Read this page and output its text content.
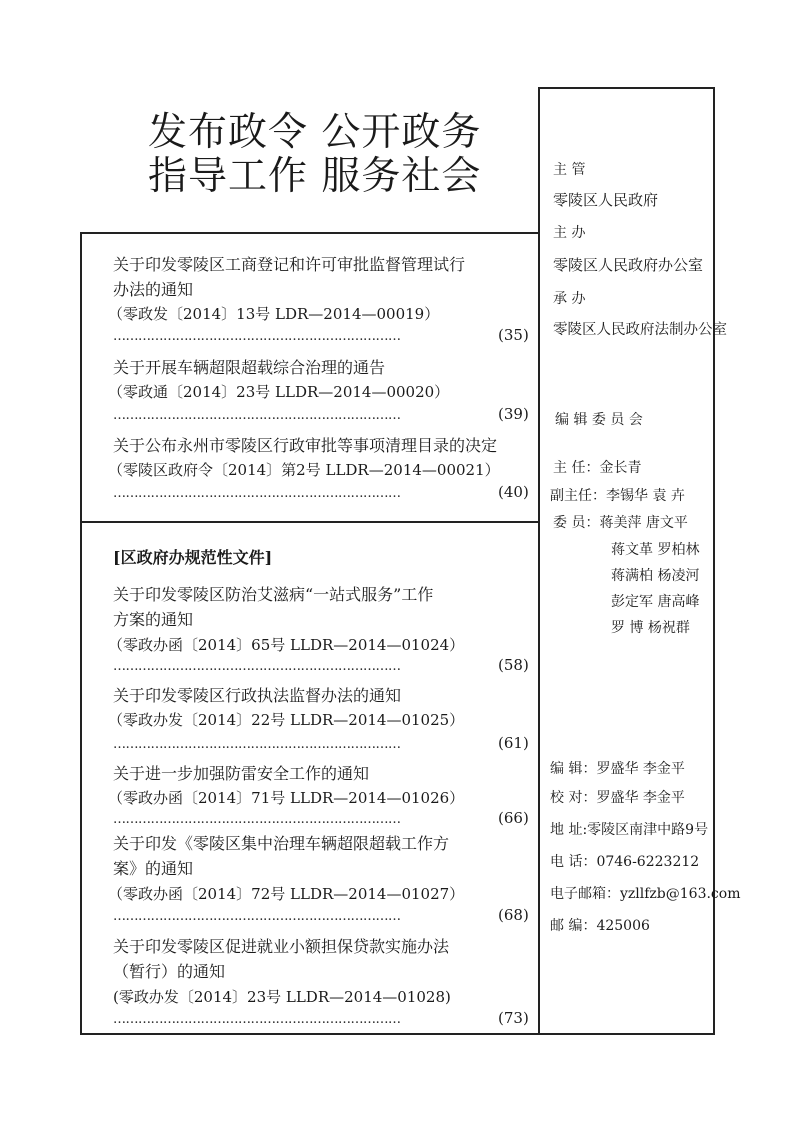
发布政令 公开政务
指导工作 服务社会
关于印发零陵区工商登记和许可审批监督管理试行
办法的通知
（零政发〔2014〕13号 LDR—2014—00019）
……………………………………………………………	(35)
关于开展车辆超限超载综合治理的通告
（零政通〔2014〕23号 LLDR—2014—00020）
……………………………………………………………	(39)
关于公布永州市零陵区行政审批等事项清理目录的决定
（零陵区政府令〔2014〕第2号 LLDR—2014—00021）
……………………………………………………………	(40)
[区政府办规范性文件]
关于印发零陵区防治艾滋病“一站式服务”工作
方案的通知
（零政办函〔2014〕65号 LLDR—2014—01024）
……………………………………………………………	(58)
关于印发零陵区行政执法监督办法的通知
（零政办发〔2014〕22号 LLDR—2014—01025）
……………………………………………………………	(61)
关于进一步加强防雷安全工作的通知
（零政办函〔2014〕71号 LLDR—2014—01026）
……………………………………………………………	(66)
关于印发《零陵区集中治理车辆超限超载工作方
案》的通知
（零政办函〔2014〕72号 LLDR—2014—01027）
……………………………………………………………	(68)
关于印发零陵区促进就业小额担保贷款实施办法
（暂行）的通知
(零政办发〔2014〕23号 LLDR—2014—01028)
……………………………………………………………	(73)
主 管
零陵区人民政府
主 办
零陵区人民政府办公室
承 办
零陵区人民政府法制办公室
编 辑 委 员 会
主 任：金长青
副主任：李锡华 袁 卉
委 员：蒋美萍 唐文平
蒋文革 罗柏林
蒋满柏 杨凌河
彭定军 唐高峰
罗 博 杨祝群
编 辑：罗盛华 李金平
校 对：罗盛华 李金平
地 址:零陵区南津中路9号
电 话：0746-6223212
电子邮箱：yzllfzb@163.com
邮 编：425006
